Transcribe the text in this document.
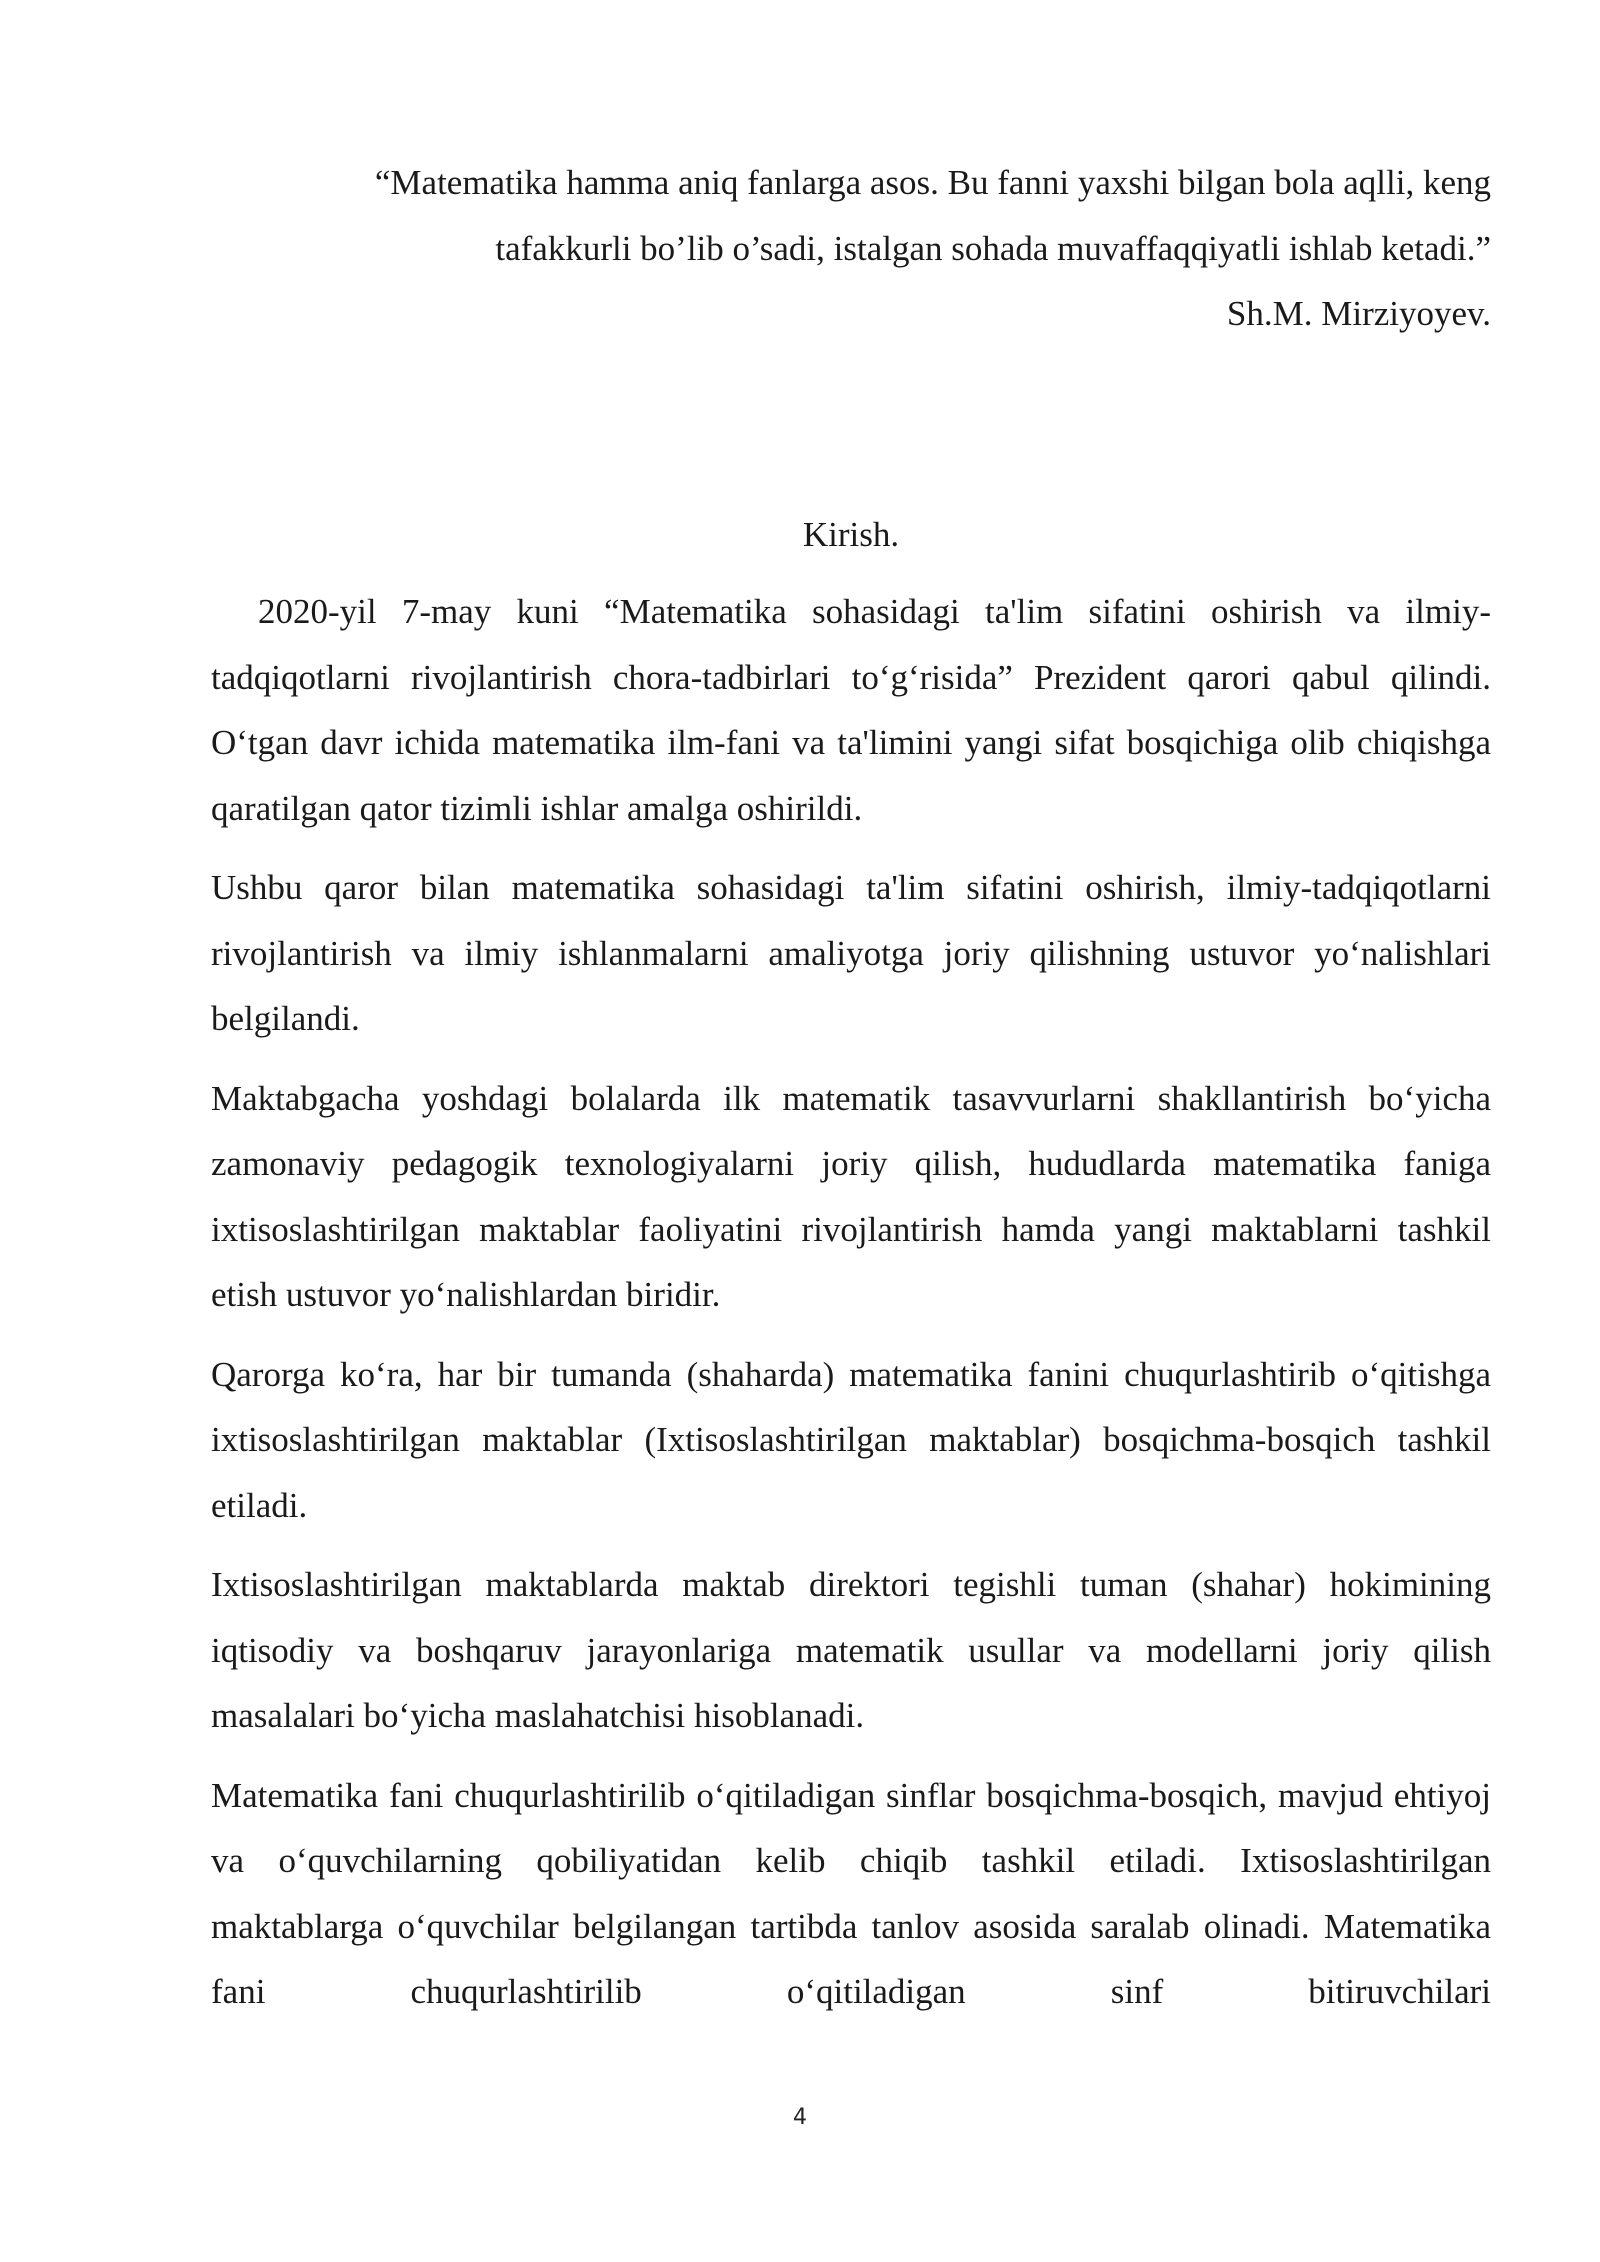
“Matematika hamma aniq fanlarga asos. Bu fanni yaxshi bilgan bola aqlli, keng
tafakkurli bo’lib o’sadi, istalgan sohada muvaffaqqiyatli ishlab ketadi.”
Sh.M. Mirziyoyev.
Kirish.

2020-yil 7-may kuni “Matematika sohasidagi ta'lim sifatini oshirish va ilmiy-tadqiqotlarni rivojlantirish chora-tadbirlari to‘g‘risida” Prezident qarori qabul qilindi. O‘tgan davr ichida matematika ilm-fani va ta'limini yangi sifat bosqichiga olib chiqishga qaratilgan qator tizimli ishlar amalga oshirildi.

Ushbu qaror bilan matematika sohasidagi ta'lim sifatini oshirish, ilmiy-tadqiqotlarni rivojlantirish va ilmiy ishlanmalarni amaliyotga joriy qilishning ustuvor yo‘nalishlari belgilandi.

Maktabgacha yoshdagi bolalarda ilk matematik tasavvurlarni shakllantirish bo‘yicha zamonaviy pedagogik texnologiyalarni joriy qilish, hududlarda matematika faniga ixtisoslashtirilgan maktablar faoliyatini rivojlantirish hamda yangi maktablarni tashkil etish ustuvor yo‘nalishlardan biridir.

Qarorga ko‘ra, har bir tumanda (shaharda) matematika fanini chuqurlashtirib o‘qitishga ixtisoslashtirilgan maktablar (Ixtisoslashtirilgan maktablar) bosqichma-bosqich tashkil etiladi.

Ixtisoslashtirilgan maktablarda maktab direktori tegishli tuman (shahar) hokimining iqtisodiy va boshqaruv jarayonlariga matematik usullar va modellarni joriy qilish masalalari bo‘yicha maslahatchisi hisoblanadi.

Matematika fani chuqurlashtirilib o‘qitiladigan sinflar bosqichma-bosqich, mavjud ehtiyoj va o‘quvchilarning qobiliyatidan kelib chiqib tashkil etiladi. Ixtisoslashtirilgan maktablarga o‘quvchilar belgilangan tartibda tanlov asosida saralab olinadi. Matematika fani chuqurlashtirilib o‘qitiladigan sinf bitiruvchilari

4
